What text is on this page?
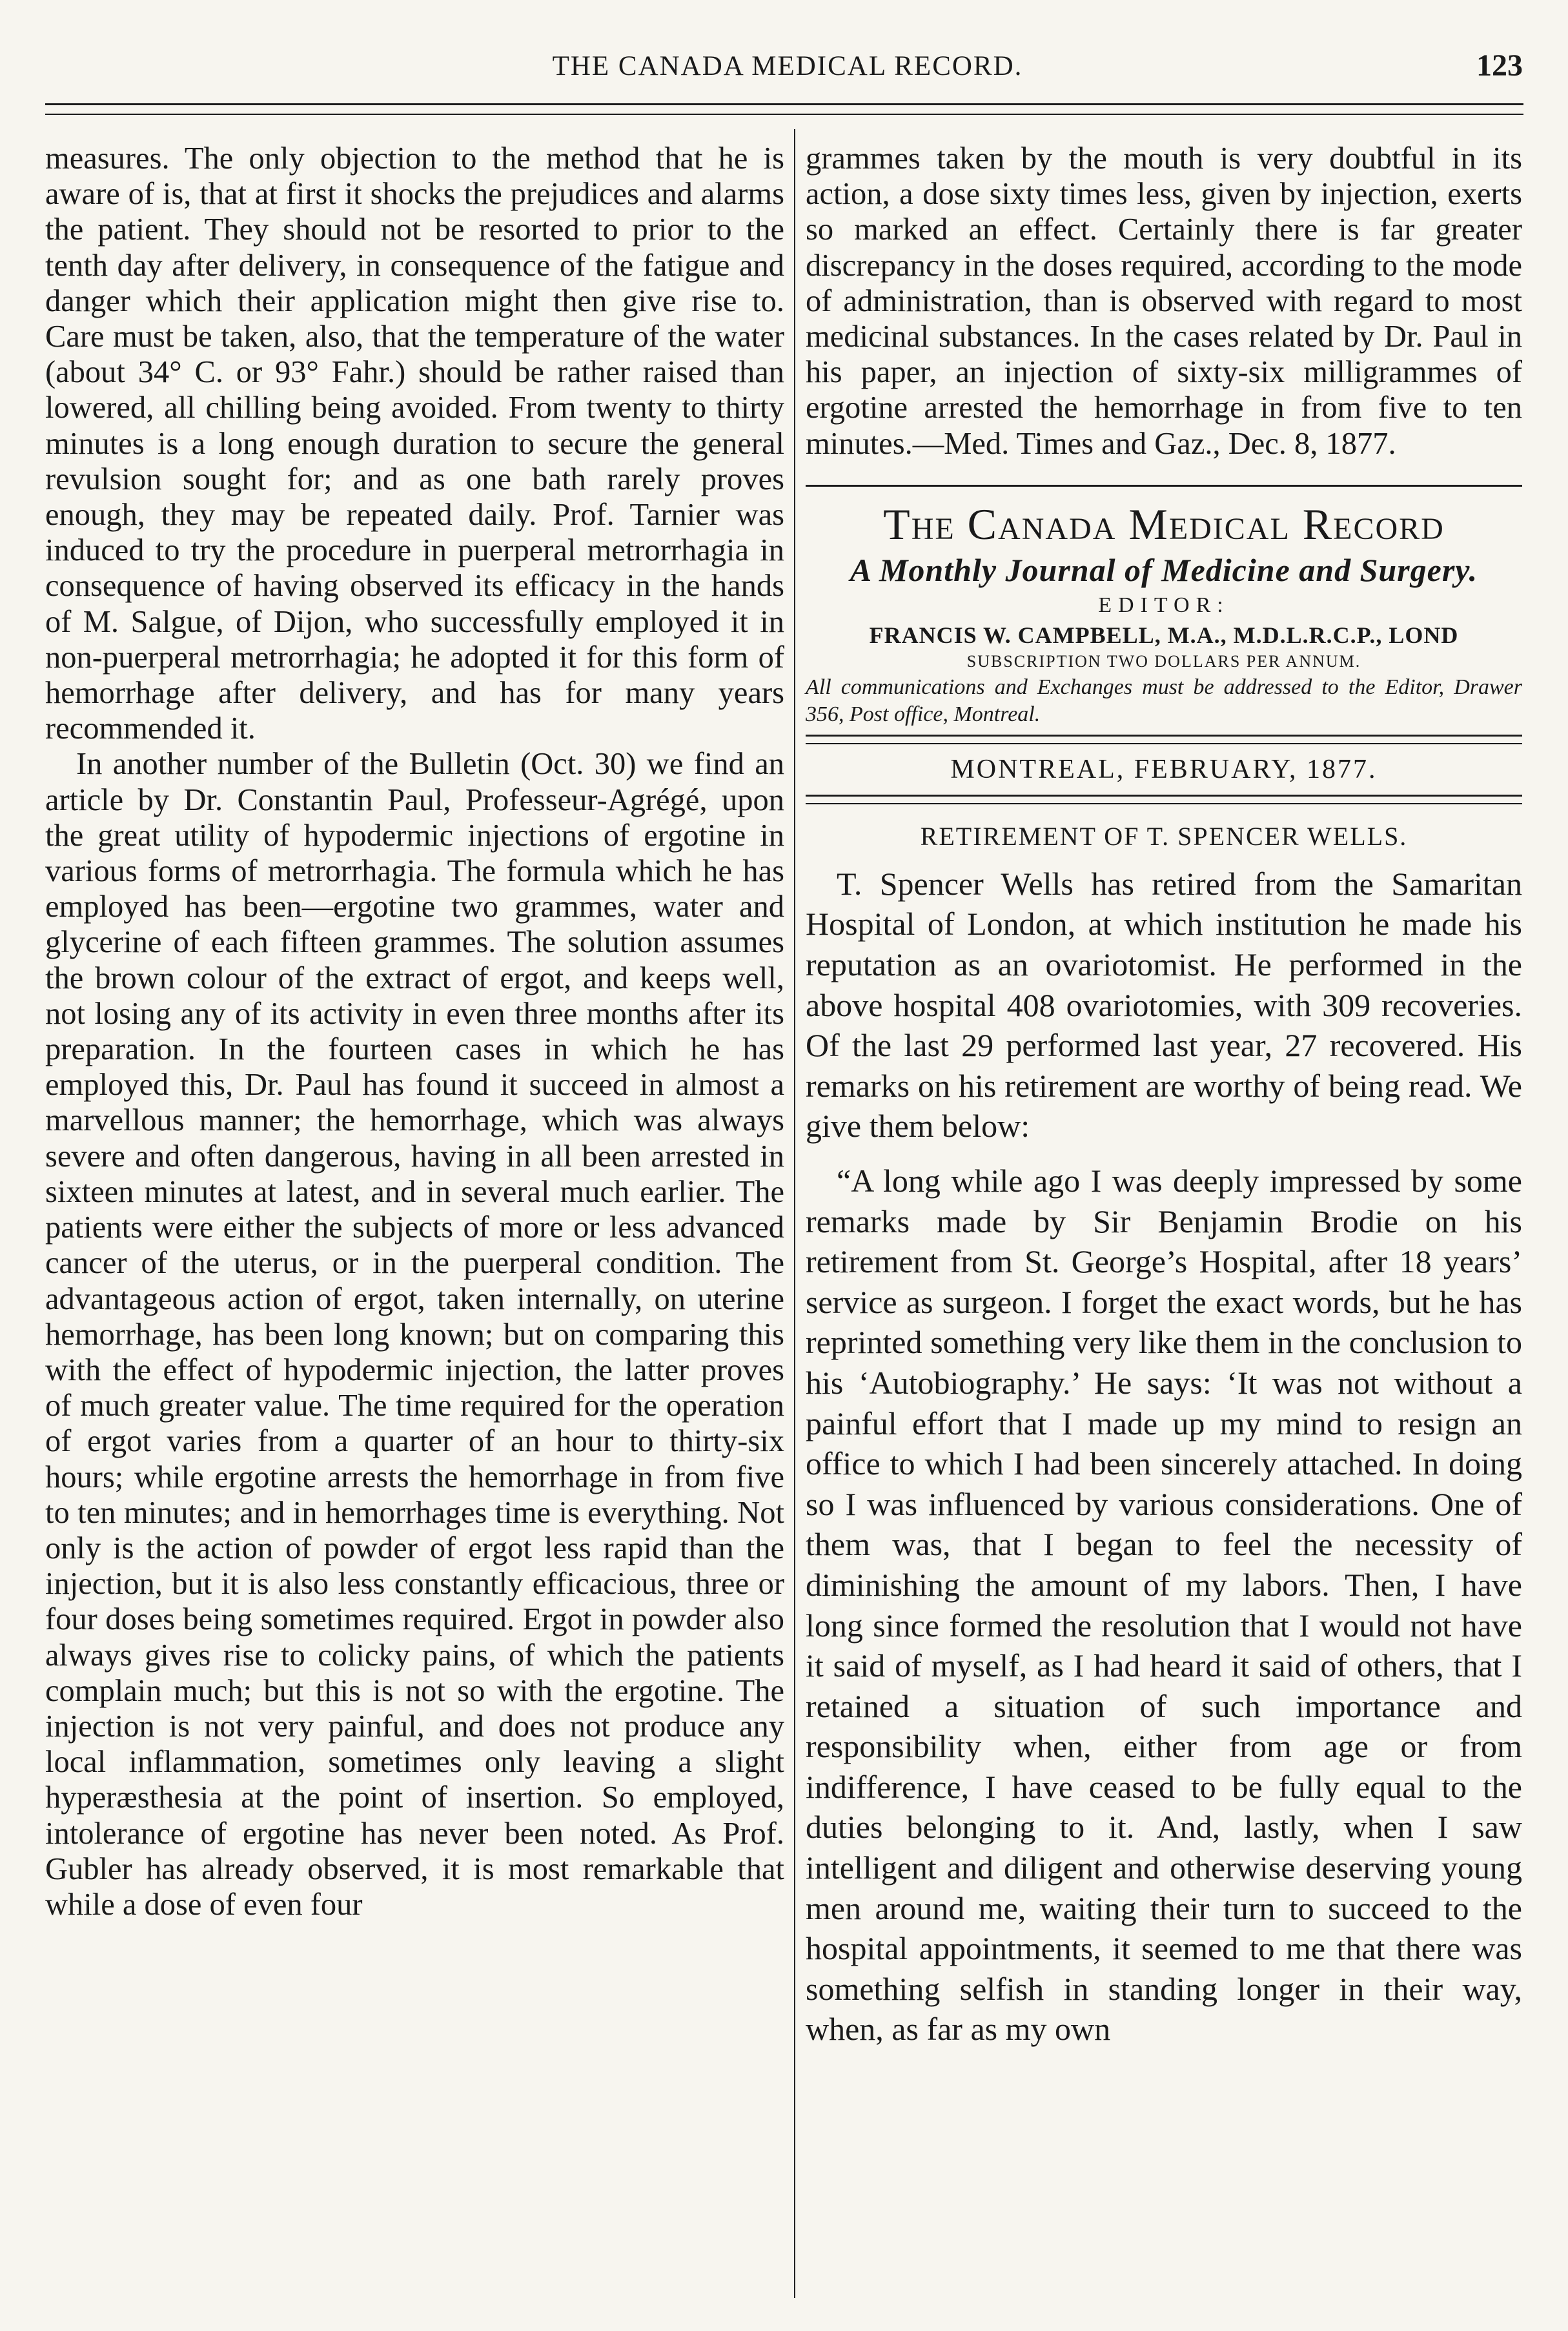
THE CANADA MEDICAL RECORD.	123

measures. The only objection to the method that he is aware of is, that at first it shocks the prejudices and alarms the patient. They should not be resorted to prior to the tenth day after delivery, in consequence of the fatigue and danger which their application might then give rise to. Care must be taken, also, that the temperature of the water (about 34° C. or 93° Fahr.) should be rather raised than lowered, all chilling being avoided. From twenty to thirty minutes is a long enough duration to secure the general revulsion sought for; and as one bath rarely proves enough, they may be repeated daily. Prof. Tarnier was induced to try the procedure in puerperal metrorrhagia in consequence of having observed its efficacy in the hands of M. Salgue, of Dijon, who successfully employed it in non-puerperal metrorrhagia; he adopted it for this form of hemorrhage after delivery, and has for many years recommended it.

In another number of the Bulletin (Oct. 30) we find an article by Dr. Constantin Paul, Professeur-Agrégé, upon the great utility of hypodermic injections of ergotine in various forms of metrorrhagia. The formula which he has employed has been—ergotine two grammes, water and glycerine of each fifteen grammes. The solution assumes the brown colour of the extract of ergot, and keeps well, not losing any of its activity in even three months after its preparation. In the fourteen cases in which he has employed this, Dr. Paul has found it succeed in almost a marvellous manner; the hemorrhage, which was always severe and often dangerous, having in all been arrested in sixteen minutes at latest, and in several much earlier. The patients were either the subjects of more or less advanced cancer of the uterus, or in the puerperal condition. The advantageous action of ergot, taken internally, on uterine hemorrhage, has been long known; but on comparing this with the effect of hypodermic injection, the latter proves of much greater value. The time required for the operation of ergot varies from a quarter of an hour to thirty-six hours; while ergotine arrests the hemorrhage in from five to ten minutes; and in hemorrhages time is everything. Not only is the action of powder of ergot less rapid than the injection, but it is also less constantly efficacious, three or four doses being sometimes required. Ergot in powder also always gives rise to colicky pains, of which the patients complain much; but this is not so with the ergotine. The injection is not very painful, and does not produce any local inflammation, sometimes only leaving a slight hyperæsthesia at the point of insertion. So employed, intolerance of ergotine has never been noted. As Prof. Gubler has already observed, it is most remarkable that while a dose of even four

grammes taken by the mouth is very doubtful in its action, a dose sixty times less, given by injection, exerts so marked an effect. Certainly there is far greater discrepancy in the doses required, according to the mode of administration, than is observed with regard to most medicinal substances. In the cases related by Dr. Paul in his paper, an injection of sixty-six milligrammes of ergotine arrested the hemorrhage in from five to ten minutes.—Med. Times and Gaz., Dec. 8, 1877.

The Canada Medical Record
A Monthly Journal of Medicine and Surgery.
EDITOR:
FRANCIS W. CAMPBELL, M.A., M.D.L.R.C.P., LOND
SUBSCRIPTION TWO DOLLARS PER ANNUM.
All communications and Exchanges must be addressed to the Editor, Drawer 356, Post office, Montreal.
MONTREAL, FEBRUARY, 1877.
RETIREMENT OF T. SPENCER WELLS.

T. Spencer Wells has retired from the Samaritan Hospital of London, at which institution he made his reputation as an ovariotomist. He performed in the above hospital 408 ovariotomies, with 309 recoveries. Of the last 29 performed last year, 27 recovered. His remarks on his retirement are worthy of being read. We give them below:

“A long while ago I was deeply impressed by some remarks made by Sir Benjamin Brodie on his retirement from St. George’s Hospital, after 18 years’ service as surgeon. I forget the exact words, but he has reprinted something very like them in the conclusion to his ‘Autobiography.’ He says: ‘It was not without a painful effort that I made up my mind to resign an office to which I had been sincerely attached. In doing so I was influenced by various considerations. One of them was, that I began to feel the necessity of diminishing the amount of my labors. Then, I have long since formed the resolution that I would not have it said of myself, as I had heard it said of others, that I retained a situation of such importance and responsibility when, either from age or from indifference, I have ceased to be fully equal to the duties belonging to it. And, lastly, when I saw intelligent and diligent and otherwise deserving young men around me, waiting their turn to succeed to the hospital appointments, it seemed to me that there was something selfish in standing longer in their way, when, as far as my own
